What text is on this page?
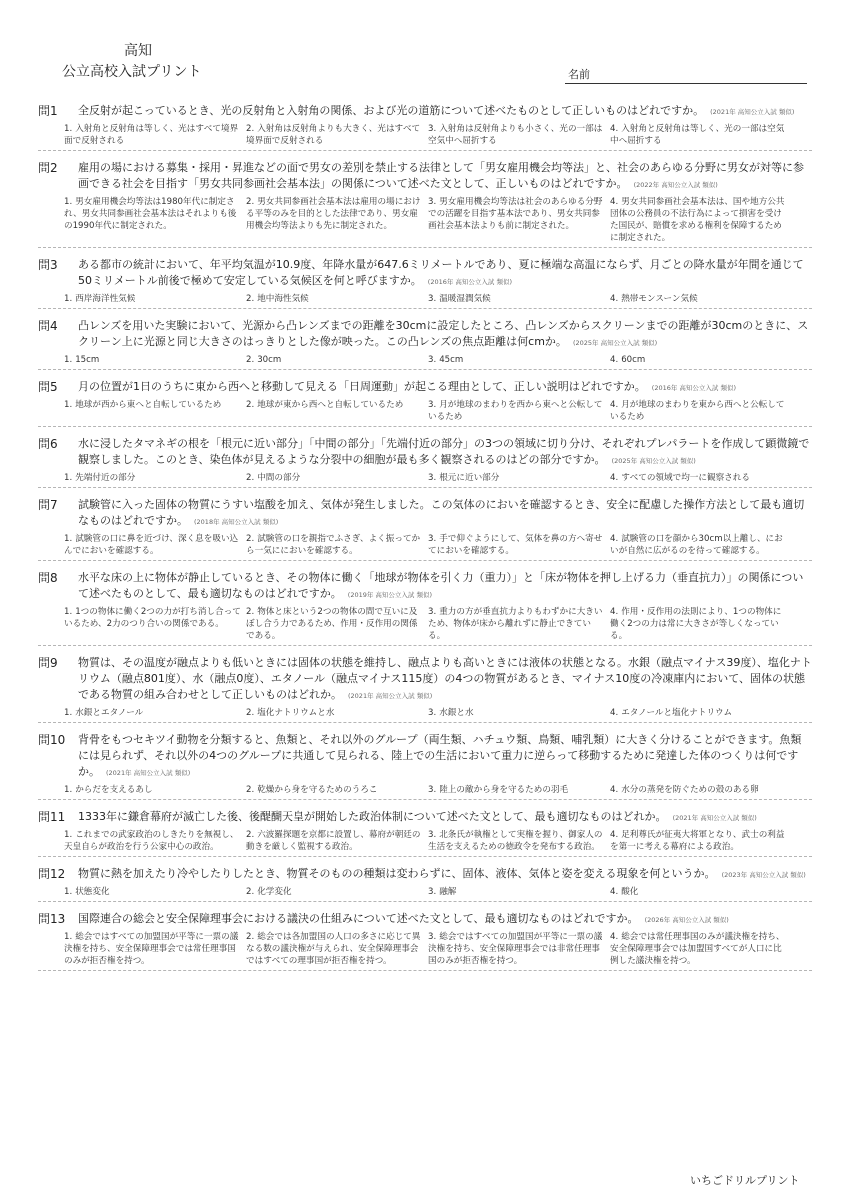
高知
公立高校入試プリント	名前
問1 全反射が起こっているとき、光の反射角と入射角の関係、および光の道筋について述べたものとして正しいものはどれですか。 (2021年 高知公立入試 類似)
1. 入射角と反射角は等しく、光はすべて境界面で反射される
2. 入射角は反射角よりも大きく、光はすべて境界面で反射される
3. 入射角は反射角よりも小さく、光の一部は空気中へ屈折する
4. 入射角と反射角は等しく、光の一部は空気中へ屈折する
問2 雇用の場における募集・採用・昇進などの面で男女の差別を禁止する法律として「男女雇用機会均等法」と、社会のあらゆる分野に男女が対等に参画できる社会を目指す「男女共同参画社会基本法」の関係について述べた文として、正しいものはどれですか。 (2022年 高知公立入試 類似)
1. 男女雇用機会均等法は1980年代に制定され、男女共同参画社会基本法はそれよりも後の1990年代に制定された。
2. 男女共同参画社会基本法は雇用の場における平等のみを目的とした法律であり、男女雇用機会均等法よりも先に制定された。
3. 男女雇用機会均等法は社会のあらゆる分野での活躍を目指す基本法であり、男女共同参画社会基本法よりも前に制定された。
4. 男女共同参画社会基本法は、国や地方公共団体の公務員の不法行為によって損害を受けた国民が、賠償を求める権利を保障するために制定された。
問3 ある都市の統計において、年平均気温が10.9度、年降水量が647.6ミリメートルであり、夏に極端な高温にならず、月ごとの降水量が年間を通じて50ミリメートル前後で極めて安定している気候区を何と呼びますか。 (2016年 高知公立入試 類似)
1. 西岸海洋性気候	2. 地中海性気候	3. 温暖湿潤気候	4. 熱帯モンスーン気候
問4 凸レンズを用いた実験において、光源から凸レンズまでの距離を30cmに設定したところ、凸レンズからスクリーンまでの距離が30cmのときに、スクリーン上に光源と同じ大きさのはっきりとした像が映った。この凸レンズの焦点距離は何cmか。 (2025年 高知公立入試 類似)
1. 15cm	2. 30cm	3. 45cm	4. 60cm
問5 月の位置が1日のうちに東から西へと移動して見える「日周運動」が起こる理由として、正しい説明はどれですか。 (2016年 高知公立入試 類似)
1. 地球が西から東へと自転しているため	2. 地球が東から西へと自転しているため	3. 月が地球のまわりを西から東へと公転しているため
4. 月が地球のまわりを東から西へと公転しているため
問6 水に浸したタマネギの根を「根元に近い部分」「中間の部分」「先端付近の部分」の3つの領域に切り分け、それぞれプレパラートを作成して顕微鏡で観察しました。このとき、染色体が見えるような分裂中の細胞が最も多く観察されるのはどの部分ですか。 (2025年 高知公立入試 類似)
1. 先端付近の部分	2. 中間の部分	3. 根元に近い部分	4. すべての領域で均一に観察される
問7 試験管に入った固体の物質にうすい塩酸を加え、気体が発生しました。この気体のにおいを確認するとき、安全に配慮した操作方法として最も適切なものはどれですか。 (2018年 高知公立入試 類似)
1. 試験管の口に鼻を近づけ、深く息を吸い込んでにおいを確認する。
2. 試験管の口を親指でふさぎ、よく振ってから一気ににおいを確認する。
3. 手で仰ぐようにして、気体を鼻の方へ寄せてにおいを確認する。
4. 試験管の口を顔から30cm以上離し、においが自然に広がるのを待って確認する。
問8 水平な床の上に物体が静止しているとき、その物体に働く「地球が物体を引く力（重力）」と「床が物体を押し上げる力（垂直抗力）」の関係について述べたものとして、最も適切なものはどれですか。 (2019年 高知公立入試 類似)
1. 1つの物体に働く2つの力が打ち消し合っているため、2力のつり合いの関係である。
2. 物体と床という2つの物体の間で互いに及ぼし合う力であるため、作用・反作用の関係である。
3. 重力の方が垂直抗力よりもわずかに大きいため、物体が床から離れずに静止できている。
4. 作用・反作用の法則により、1つの物体に働く2つの力は常に大きさが等しくなっている。
問9 物質は、その温度が融点よりも低いときには固体の状態を維持し、融点よりも高いときには液体の状態となる。水銀（融点マイナス39度）、塩化ナトリウム（融点801度）、水（融点0度）、エタノール（融点マイナス115度）の4つの物質があるとき、マイナス10度の冷凍庫内において、固体の状態である物質の組み合わせとして正しいものはどれか。 (2021年 高知公立入試 類似)
1. 水銀とエタノール	2. 塩化ナトリウムと水	3. 水銀と水	4. エタノールと塩化ナトリウム
問10 背骨をもつセキツイ動物を分類すると、魚類と、それ以外のグループ（両生類、ハチュウ類、鳥類、哺乳類）に大きく分けることができます。魚類には見られず、それ以外の4つのグループに共通して見られる、陸上での生活において重力に逆らって移動するために発達した体のつくりは何ですか。 (2021年 高知公立入試 類似)
1. からだを支えるあし	2. 乾燥から身を守るためのうろこ	3. 陸上の敵から身を守るための羽毛	4. 水分の蒸発を防ぐための殻のある卵
問11 1333年に鎌倉幕府が滅亡した後、後醍醐天皇が開始した政治体制について述べた文として、最も適切なものはどれか。 (2021年 高知公立入試 類似)
1. これまでの武家政治のしきたりを無視し、天皇自らが政治を行う公家中心の政治。
2. 六波羅探題を京都に設置し、幕府が朝廷の動きを厳しく監視する政治。
3. 北条氏が執権として実権を握り、御家人の生活を支えるための徳政令を発布する政治。
4. 足利尊氏が征夷大将軍となり、武士の利益を第一に考える幕府による政治。
問12 物質に熱を加えたり冷やしたりしたとき、物質そのものの種類は変わらずに、固体、液体、気体と姿を変える現象を何というか。 (2023年 高知公立入試 類似)
1. 状態変化	2. 化学変化	3. 融解	4. 酸化
問13 国際連合の総会と安全保障理事会における議決の仕組みについて述べた文として、最も適切なものはどれですか。 (2026年 高知公立入試 類似)
1. 総会ではすべての加盟国が平等に一票の議決権を持ち、安全保障理事会では常任理事国のみが拒否権を持つ。
2. 総会では各加盟国の人口の多さに応じて異なる数の議決権が与えられ、安全保障理事会ではすべての理事国が拒否権を持つ。
3. 総会ではすべての加盟国が平等に一票の議決権を持ち、安全保障理事会では非常任理事国のみが拒否権を持つ。
4. 総会では常任理事国のみが議決権を持ち、安全保障理事会では加盟国すべてが人口に比例した議決権を持つ。
いちごドリルプリント
